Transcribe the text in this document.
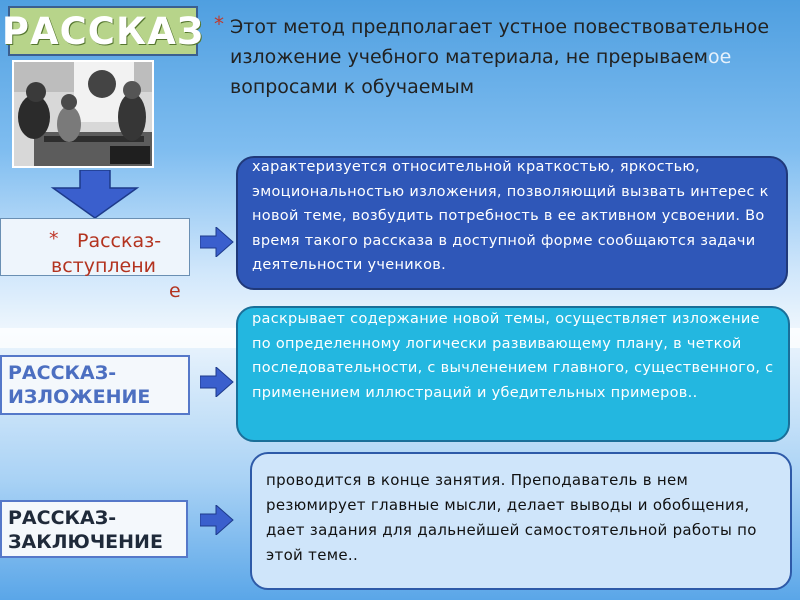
РАССКАЗ * Этот метод предполагает устное повествовательное изложение учебного материала, не прерываемое вопросами к обучаемым
* Рассказ-
вступлени
е
характеризуется относительной краткостью, яркостью, эмоциональностью изложения, позволяющий вызвать интерес к новой теме, возбудить потребность в ее активном усвоении. Во время такого рассказа в доступной форме сообщаются задачи деятельности учеников.
РАССКАЗ-ИЗЛОЖЕНИЕ
раскрывает содержание новой темы, осуществляет изложение по определенному логически развивающему плану, в четкой последовательности, с вычленением главного, существенного, с применением иллюстраций и убедительных примеров..
РАССКАЗ-ЗАКЛЮЧЕНИЕ
проводится в конце занятия. Преподаватель в нем резюмирует главные мысли, делает выводы и обобщения, дает задания для дальнейшей самостоятельной работы по этой теме..
